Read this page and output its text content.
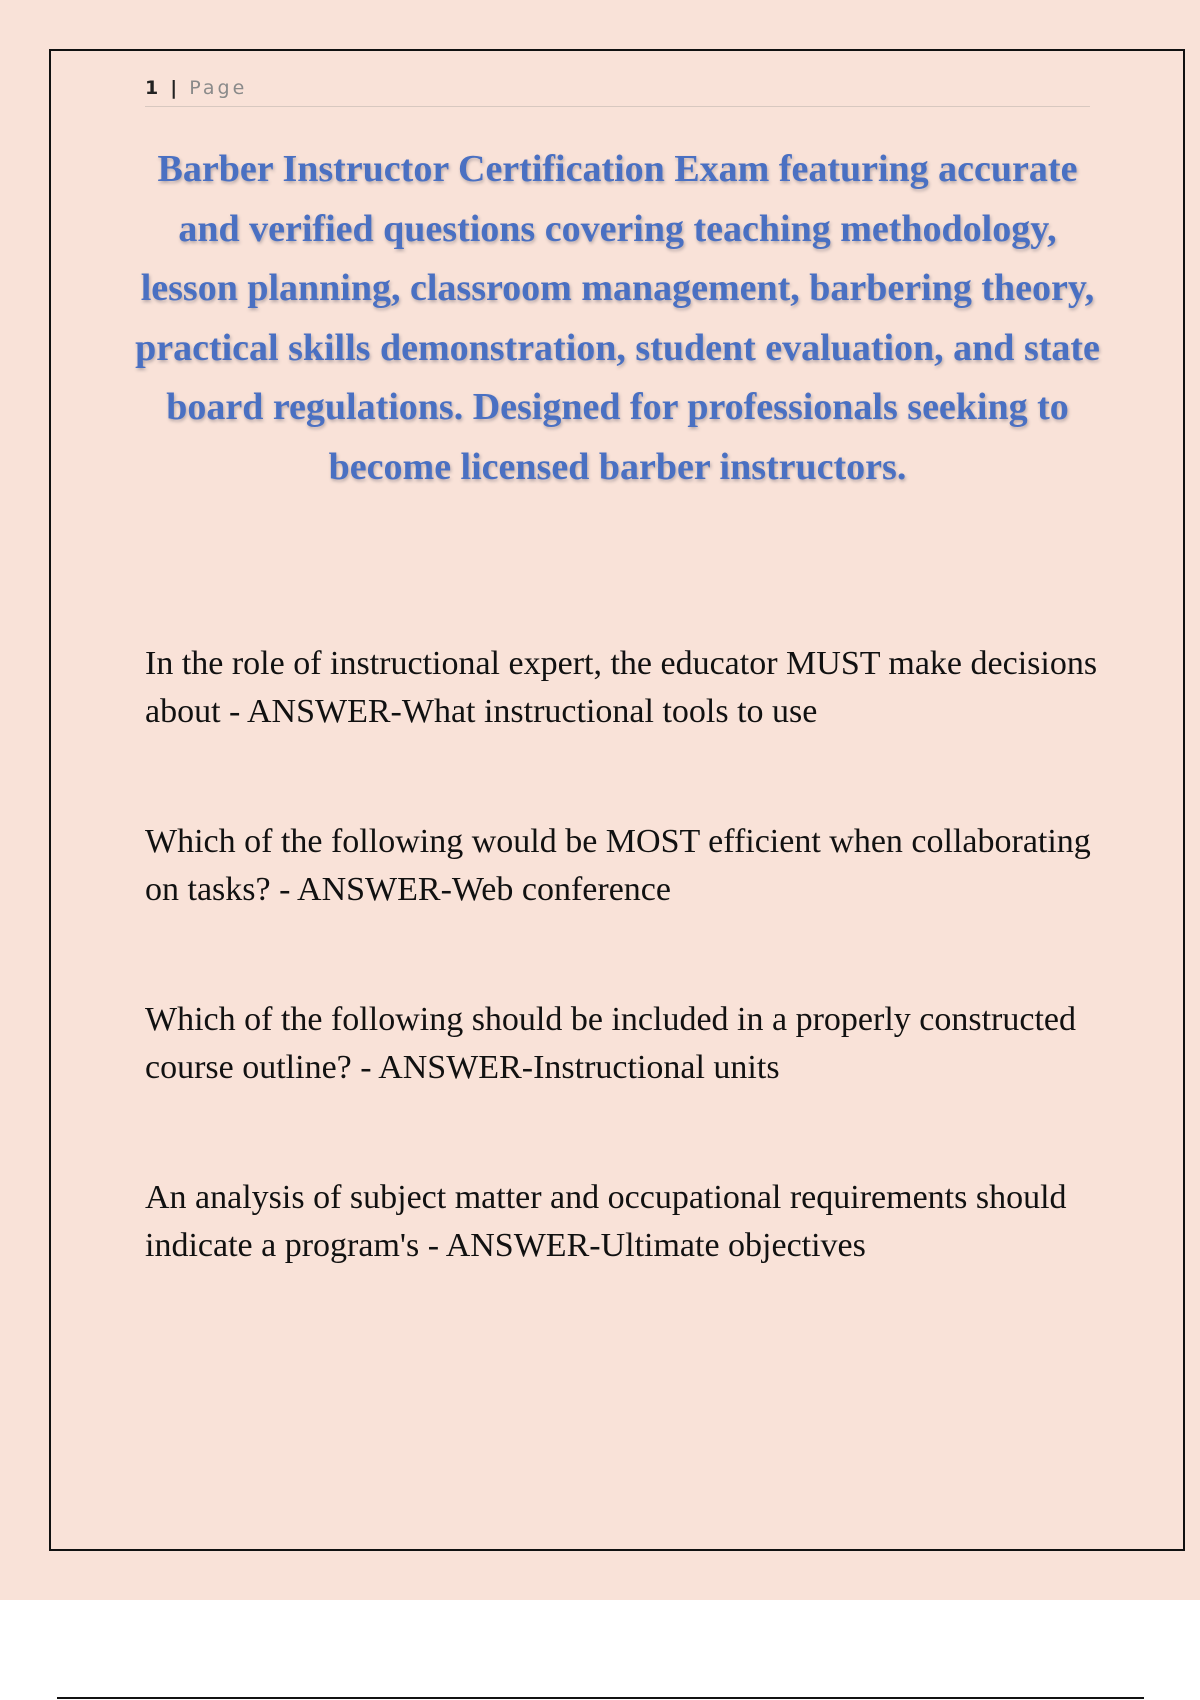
1 | Page
Barber Instructor Certification Exam featuring accurate and verified questions covering teaching methodology, lesson planning, classroom management, barbering theory, practical skills demonstration, student evaluation, and state board regulations. Designed for professionals seeking to become licensed barber instructors.

In the role of instructional expert, the educator MUST make decisions about - ANSWER-What instructional tools to use

Which of the following would be MOST efficient when collaborating on tasks? - ANSWER-Web conference

Which of the following should be included in a properly constructed course outline? - ANSWER-Instructional units

An analysis of subject matter and occupational requirements should indicate a program's - ANSWER-Ultimate objectives
